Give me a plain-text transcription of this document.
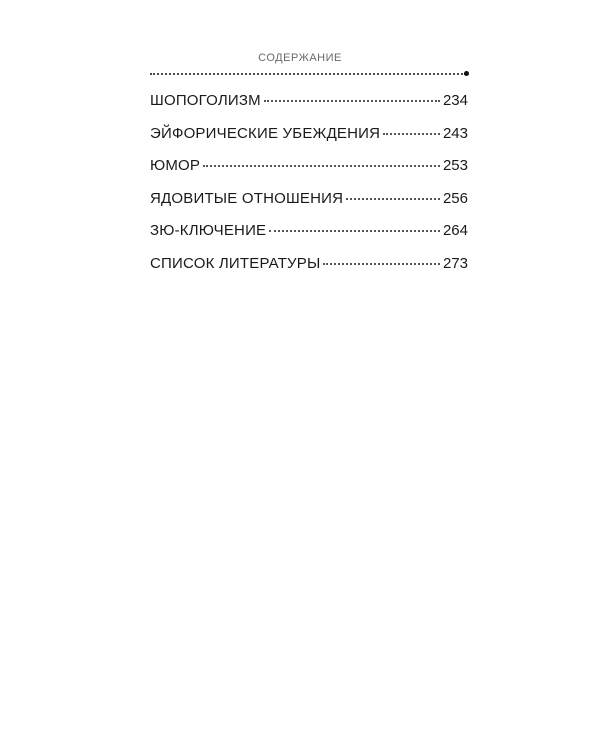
СОДЕРЖАНИЕ
ШОПОГОЛИЗМ	234
ЭЙФОРИЧЕСКИЕ УБЕЖДЕНИЯ	243
ЮМОР	253
ЯДОВИТЫЕ ОТНОШЕНИЯ	256
ЗЮ-КЛЮЧЕНИЕ	264
СПИСОК ЛИТЕРАТУРЫ	273
